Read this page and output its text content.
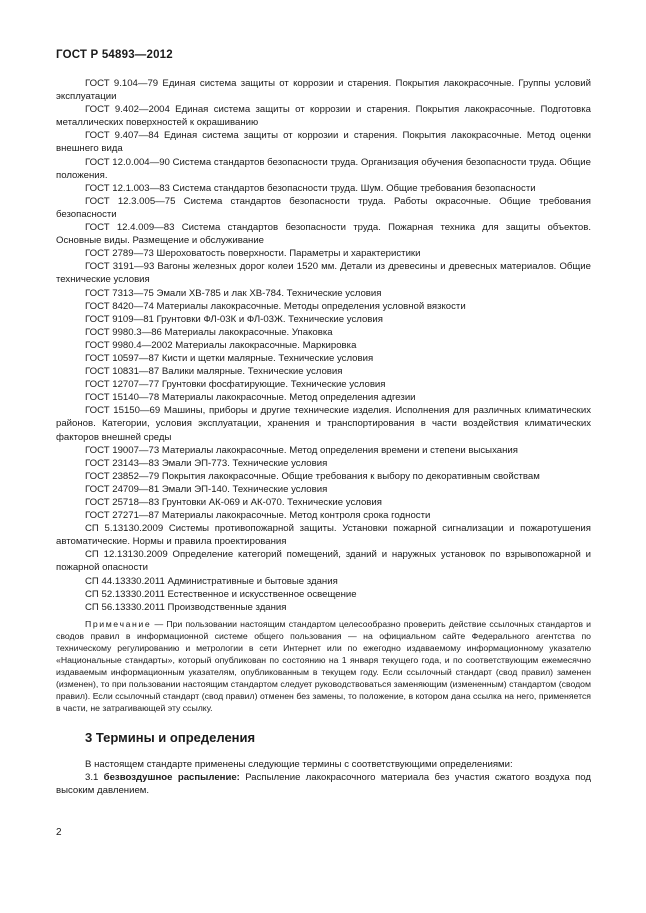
ГОСТ Р 54893—2012

ГОСТ 9.104—79 Единая система защиты от коррозии и старения. Покрытия лакокрасочные. Группы условий эксплуатации

ГОСТ 9.402—2004 Единая система защиты от коррозии и старения. Покрытия лакокрасочные. Подготовка металлических поверхностей к окрашиванию

ГОСТ 9.407—84 Единая система защиты от коррозии и старения. Покрытия лакокрасочные. Метод оценки внешнего вида

ГОСТ 12.0.004—90 Система стандартов безопасности труда. Организация обучения безопасности труда. Общие положения.

ГОСТ 12.1.003—83 Система стандартов безопасности труда. Шум. Общие требования безопасности

ГОСТ 12.3.005—75 Система стандартов безопасности труда. Работы окрасочные. Общие требования безопасности

ГОСТ 12.4.009—83 Система стандартов безопасности труда. Пожарная техника для защиты объектов. Основные виды. Размещение и обслуживание

ГОСТ 2789—73 Шероховатость поверхности. Параметры и характеристики

ГОСТ 3191—93 Вагоны железных дорог колеи 1520 мм. Детали из древесины и древесных материалов. Общие технические условия

ГОСТ 7313—75 Эмали ХВ-785 и лак ХВ-784. Технические условия

ГОСТ 8420—74 Материалы лакокрасочные. Методы определения условной вязкости

ГОСТ 9109—81 Грунтовки ФЛ-03К и ФЛ-03Ж. Технические условия

ГОСТ 9980.3—86 Материалы лакокрасочные. Упаковка

ГОСТ 9980.4—2002 Материалы лакокрасочные. Маркировка

ГОСТ 10597—87 Кисти и щетки малярные. Технические условия

ГОСТ 10831—87 Валики малярные. Технические условия

ГОСТ 12707—77 Грунтовки фосфатирующие. Технические условия

ГОСТ 15140—78 Материалы лакокрасочные. Метод определения адгезии

ГОСТ 15150—69 Машины, приборы и другие технические изделия. Исполнения для различных климатических районов. Категории, условия эксплуатации, хранения и транспортирования в части воздействия климатических факторов внешней среды

ГОСТ 19007—73 Материалы лакокрасочные. Метод определения времени и степени высыхания

ГОСТ 23143—83 Эмали ЭП-773. Технические условия

ГОСТ 23852—79 Покрытия лакокрасочные. Общие требования к выбору по декоративным свойствам

ГОСТ 24709—81 Эмали ЭП-140. Технические условия

ГОСТ 25718—83 Грунтовки АК-069 и АК-070. Технические условия

ГОСТ 27271—87 Материалы лакокрасочные. Метод контроля срока годности

СП 5.13130.2009 Системы противопожарной защиты. Установки пожарной сигнализации и пожаротушения автоматические. Нормы и правила проектирования

СП 12.13130.2009 Определение категорий помещений, зданий и наружных установок по взрывопожарной и пожарной опасности

СП 44.13330.2011 Административные и бытовые здания

СП 52.13330.2011 Естественное и искусственное освещение

СП 56.13330.2011 Производственные здания

Примечание — При пользовании настоящим стандартом целесообразно проверить действие ссылочных стандартов и сводов правил в информационной системе общего пользования — на официальном сайте Федерального агентства по техническому регулированию и метрологии в сети Интернет или по ежегодно издаваемому информационному указателю «Национальные стандарты», который опубликован по состоянию на 1 января текущего года, и по соответствующим ежемесячно издаваемым информационным указателям, опубликованным в текущем году. Если ссылочный стандарт (свод правил) заменен (изменен), то при пользовании настоящим стандартом следует руководствоваться заменяющим (измененным) стандартом (сводом правил). Если ссылочный стандарт (свод правил) отменен без замены, то положение, в котором дана ссылка на него, применяется в части, не затрагивающей эту ссылку.

3 Термины и определения

В настоящем стандарте применены следующие термины с соответствующими определениями:

3.1 безвоздушное распыление: Распыление лакокрасочного материала без участия сжатого воздуха под высоким давлением.

2
